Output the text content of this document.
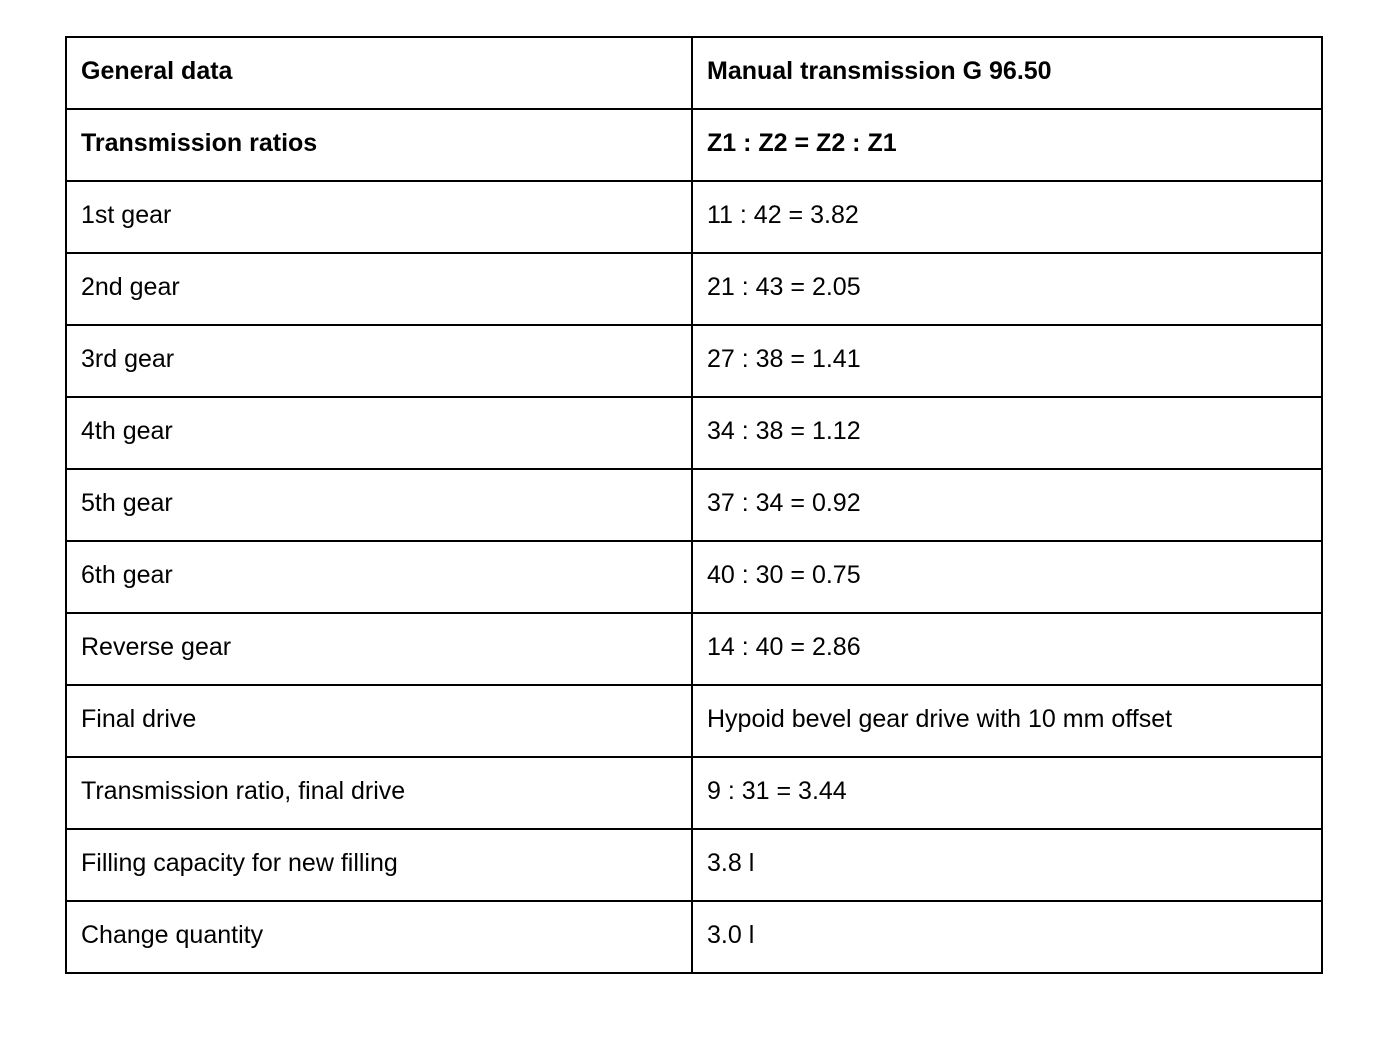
General data	Manual transmission G 96.50

Transmission ratios	Z1 : Z2 = Z2 : Z1

1st gear	11 : 42 = 3.82

2nd gear	21 : 43 = 2.05

3rd gear	27 : 38 = 1.41

4th gear	34 : 38 = 1.12

5th gear	37 : 34 = 0.92

6th gear	40 : 30 = 0.75

Reverse gear	14 : 40 = 2.86

Final drive	Hypoid bevel gear drive with 10 mm offset

Transmission ratio, final drive	9 : 31 = 3.44

Filling capacity for new filling	3.8 l

Change quantity	3.0 l
